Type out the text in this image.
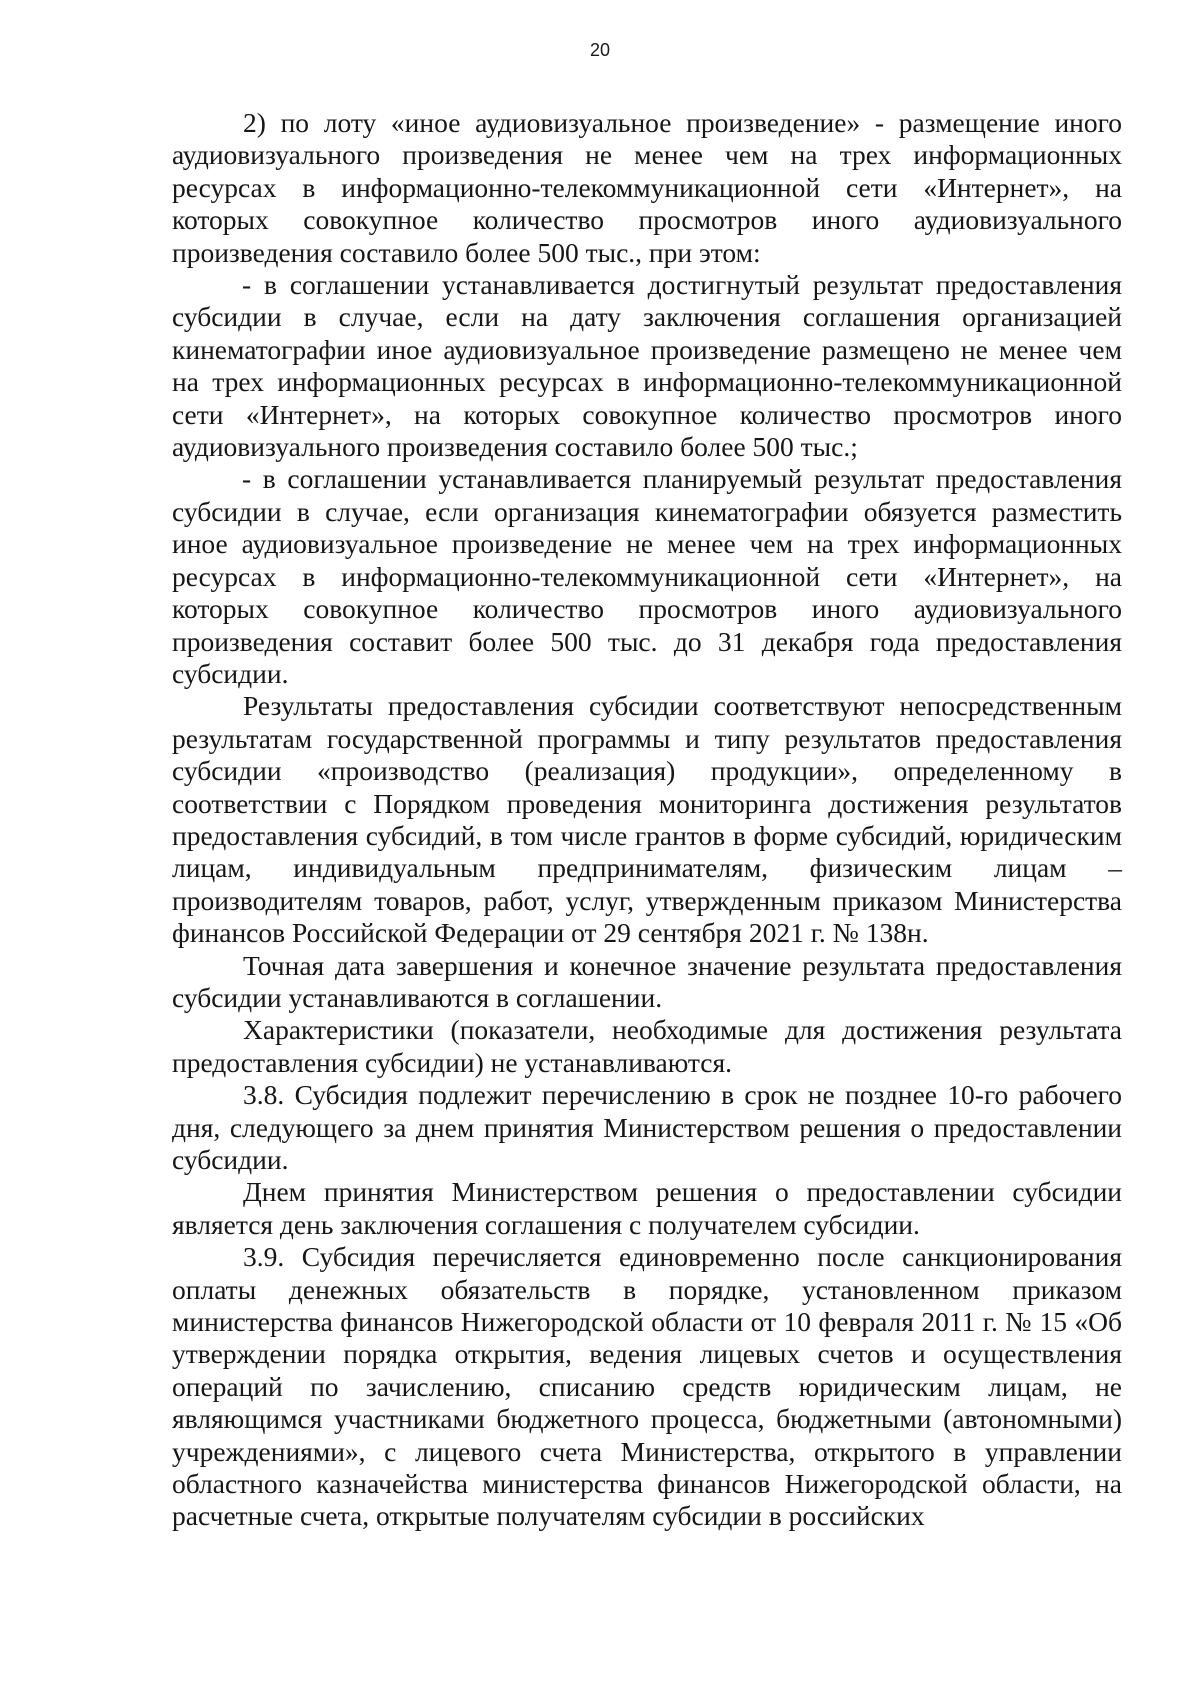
20

2) по лоту «иное аудиовизуальное произведение» - размещение иного аудиовизуального произведения не менее чем на трех информационных ресурсах в информационно-телекоммуникационной сети «Интернет», на которых совокупное количество просмотров иного аудиовизуального произведения составило более 500 тыс., при этом:

- в соглашении устанавливается достигнутый результат предоставления субсидии в случае, если на дату заключения соглашения организацией кинематографии иное аудиовизуальное произведение размещено не менее чем на трех информационных ресурсах в информационно-телекоммуникационной сети «Интернет», на которых совокупное количество просмотров иного аудиовизуального произведения составило более 500 тыс.;

- в соглашении устанавливается планируемый результат предоставления субсидии в случае, если организация кинематографии обязуется разместить иное аудиовизуальное произведение не менее чем на трех информационных ресурсах в информационно-телекоммуникационной сети «Интернет», на которых совокупное количество просмотров иного аудиовизуального произведения составит более 500 тыс. до 31 декабря года предоставления субсидии.

Результаты предоставления субсидии соответствуют непосредственным результатам государственной программы и типу результатов предоставления субсидии «производство (реализация) продукции», определенному в соответствии с Порядком проведения мониторинга достижения результатов предоставления субсидий, в том числе грантов в форме субсидий, юридическим лицам, индивидуальным предпринимателям, физическим лицам – производителям товаров, работ, услуг, утвержденным приказом Министерства финансов Российской Федерации от 29 сентября 2021 г. № 138н.

Точная дата завершения и конечное значение результата предоставления субсидии устанавливаются в соглашении.

Характеристики (показатели, необходимые для достижения результата предоставления субсидии) не устанавливаются.

3.8. Субсидия подлежит перечислению в срок не позднее 10-го рабочего дня, следующего за днем принятия Министерством решения о предоставлении субсидии.

Днем принятия Министерством решения о предоставлении субсидии является день заключения соглашения с получателем субсидии.

3.9. Субсидия перечисляется единовременно после санкционирования оплаты денежных обязательств в порядке, установленном приказом министерства финансов Нижегородской области от 10 февраля 2011 г. № 15 «Об утверждении порядка открытия, ведения лицевых счетов и осуществления операций по зачислению, списанию средств юридическим лицам, не являющимся участниками бюджетного процесса, бюджетными (автономными) учреждениями», с лицевого счета Министерства, открытого в управлении областного казначейства министерства финансов Нижегородской области, на расчетные счета, открытые получателям субсидии в российских
